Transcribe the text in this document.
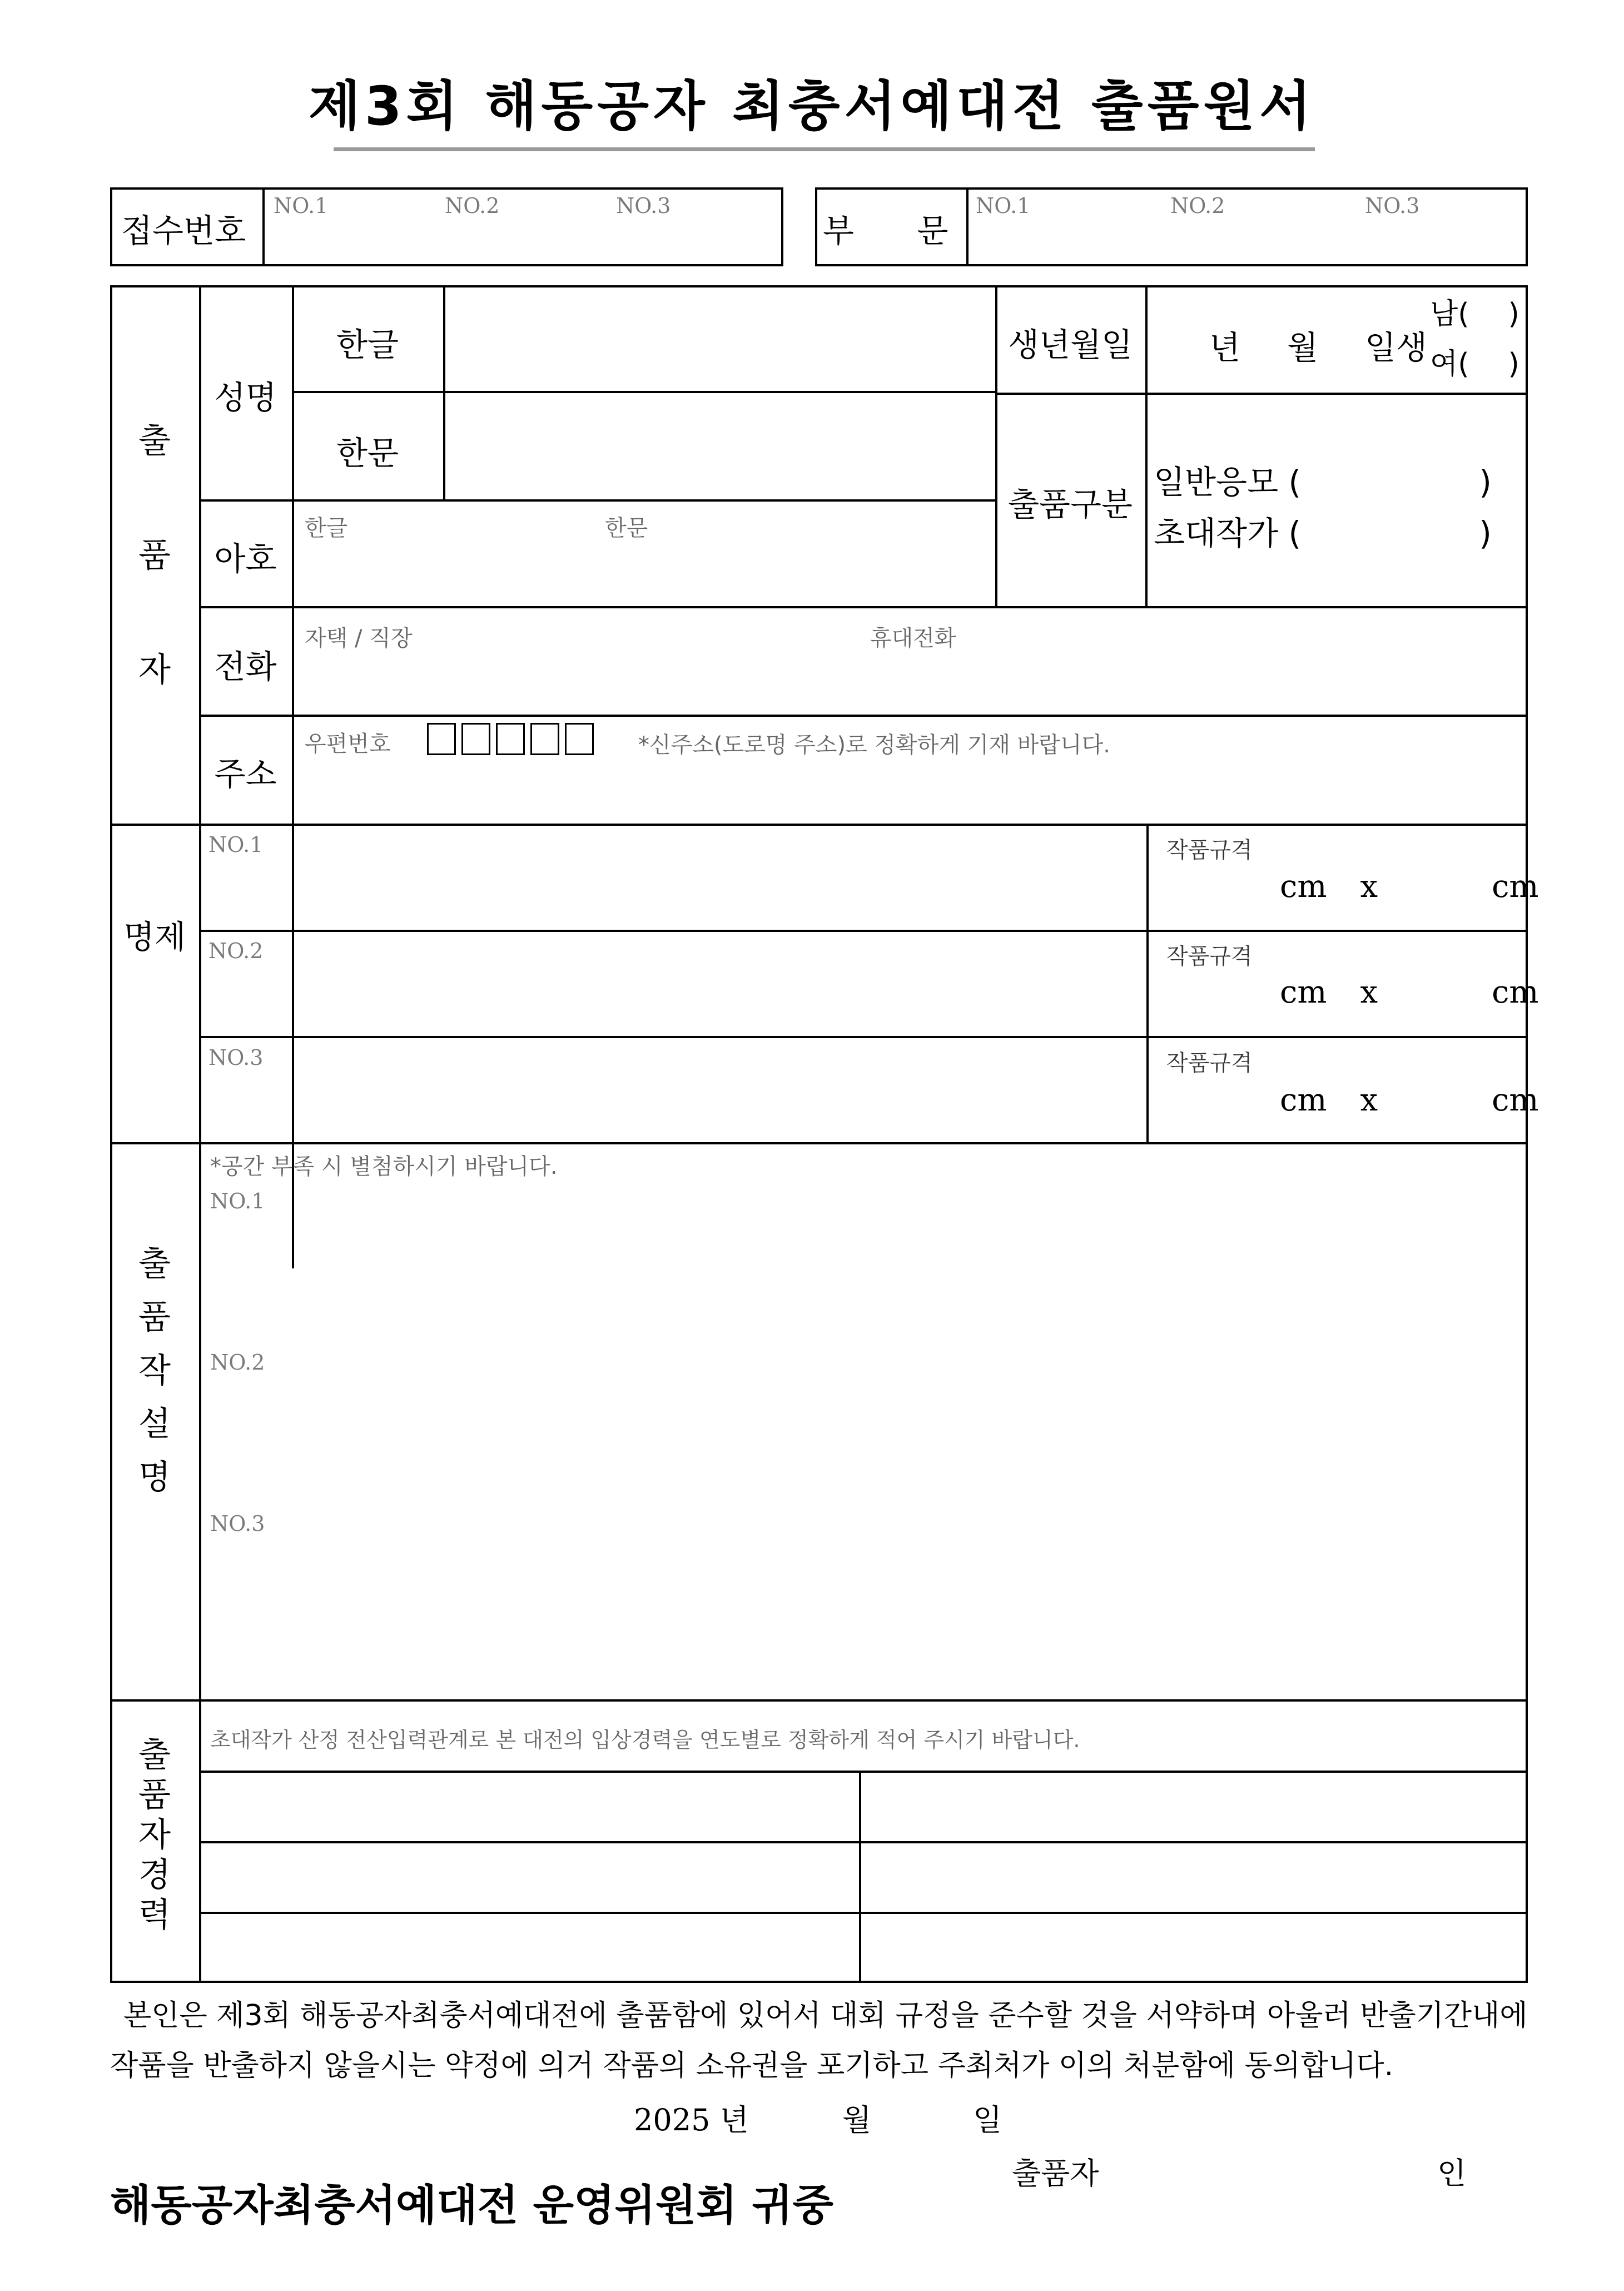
제3회 해동공자 최충서예대전 출품원서
접수번호
NO.1	NO.2	NO.3
부 문
NO.1	NO.2	NO.3
출
품
자
성명
한글
한문
생년월일	년 월 일생
남( )
여( )
출품구분
일반응모 (	)
초대작가 (	)
아호
한글	한문
전화
자택 / 직장	휴대전화
주소
우편번호	*신주소(도로명 주소)로 정확하게 기재 바랍니다.
명제
NO.1	작품규격
cm x	cm
NO.2	작품규격
cm x	cm
NO.3	작품규격
cm x	cm
출
품
작
설
명
*공간 부족 시 별첨하시기 바랍니다.
NO.1
NO.2
NO.3
출
품
자
경
력
초대작가 산정 전산입력관계로 본 대전의 입상경력을 연도별로 정확하게 적어 주시기 바랍니다.
본인은 제3회 해동공자최충서예대전에 출품함에 있어서 대회 규정을 준수할 것을 서약하며 아울러 반출기간내에
작품을 반출하지 않을시는 약정에 의거 작품의 소유권을 포기하고 주최처가 이의 처분함에 동의합니다.
2025 년	월	일
출품자	인
해동공자최충서예대전 운영위원회 귀중
